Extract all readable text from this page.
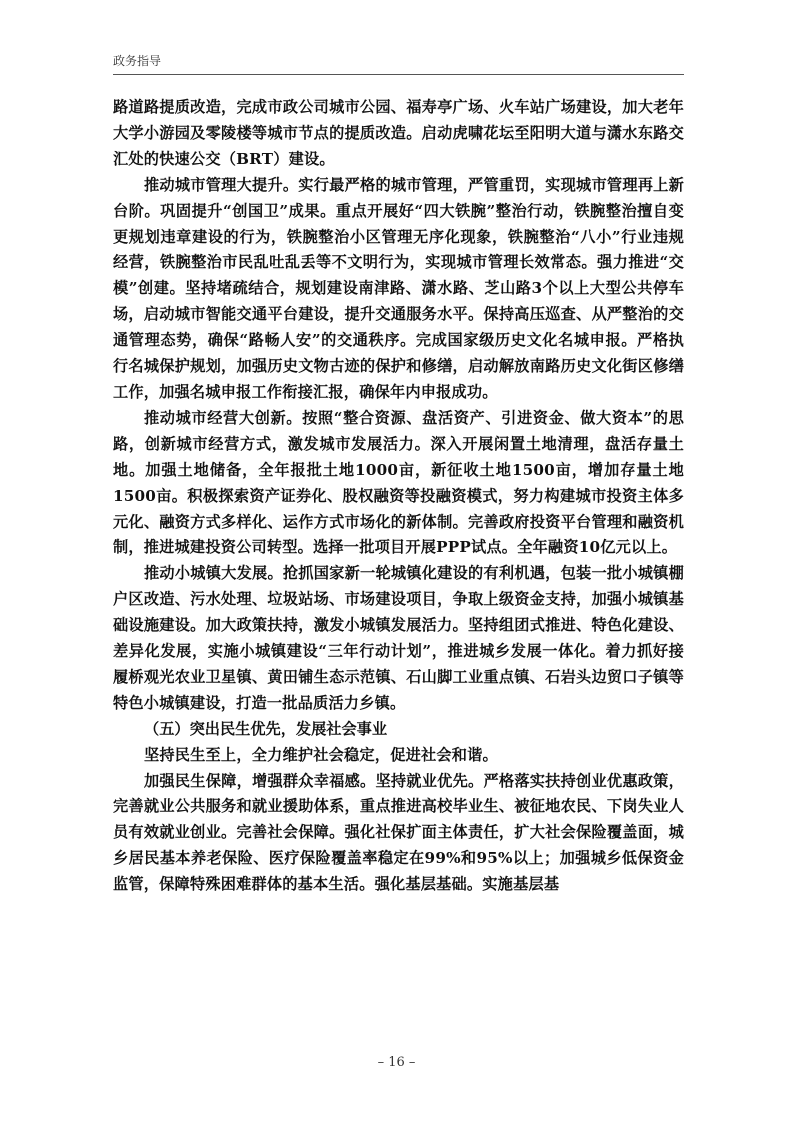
政务指导

路道路提质改造，完成市政公司城市公园、福寿亭广场、火车站广场建设，加大老年大学小游园及零陵楼等城市节点的提质改造。启动虎啸花坛至阳明大道与潇水东路交汇处的快速公交（BRT）建设。

推动城市管理大提升。实行最严格的城市管理，严管重罚，实现城市管理再上新台阶。巩固提升“创国卫”成果。重点开展好“四大铁腕”整治行动，铁腕整治擅自变更规划违章建设的行为，铁腕整治小区管理无序化现象，铁腕整治“八小”行业违规经营，铁腕整治市民乱吐乱丢等不文明行为，实现城市管理长效常态。强力推进“交模”创建。坚持堵疏结合，规划建设南津路、潇水路、芝山路3个以上大型公共停车场，启动城市智能交通平台建设，提升交通服务水平。保持高压巡查、从严整治的交通管理态势，确保“路畅人安”的交通秩序。完成国家级历史文化名城申报。严格执行名城保护规划，加强历史文物古迹的保护和修缮，启动解放南路历史文化街区修缮工作，加强名城申报工作衔接汇报，确保年内申报成功。

推动城市经营大创新。按照“整合资源、盘活资产、引进资金、做大资本”的思路，创新城市经营方式，激发城市发展活力。深入开展闲置土地清理，盘活存量土地。加强土地储备，全年报批土地1000亩，新征收土地1500亩，增加存量土地1500亩。积极探索资产证券化、股权融资等投融资模式，努力构建城市投资主体多元化、融资方式多样化、运作方式市场化的新体制。完善政府投资平台管理和融资机制，推进城建投资公司转型。选择一批项目开展PPP试点。全年融资10亿元以上。

推动小城镇大发展。抢抓国家新一轮城镇化建设的有利机遇，包装一批小城镇棚户区改造、污水处理、垃圾站场、市场建设项目，争取上级资金支持，加强小城镇基础设施建设。加大政策扶持，激发小城镇发展活力。坚持组团式推进、特色化建设、差异化发展，实施小城镇建设“三年行动计划”，推进城乡发展一体化。着力抓好接履桥观光农业卫星镇、黄田铺生态示范镇、石山脚工业重点镇、石岩头边贸口子镇等特色小城镇建设，打造一批品质活力乡镇。

（五）突出民生优先，发展社会事业

坚持民生至上，全力维护社会稳定，促进社会和谐。

加强民生保障，增强群众幸福感。坚持就业优先。严格落实扶持创业优惠政策，完善就业公共服务和就业援助体系，重点推进高校毕业生、被征地农民、下岗失业人员有效就业创业。完善社会保障。强化社保扩面主体责任，扩大社会保险覆盖面，城乡居民基本养老保险、医疗保险覆盖率稳定在99%和95%以上；加强城乡低保资金监管，保障特殊困难群体的基本生活。强化基层基础。实施基层基

– 16 –
